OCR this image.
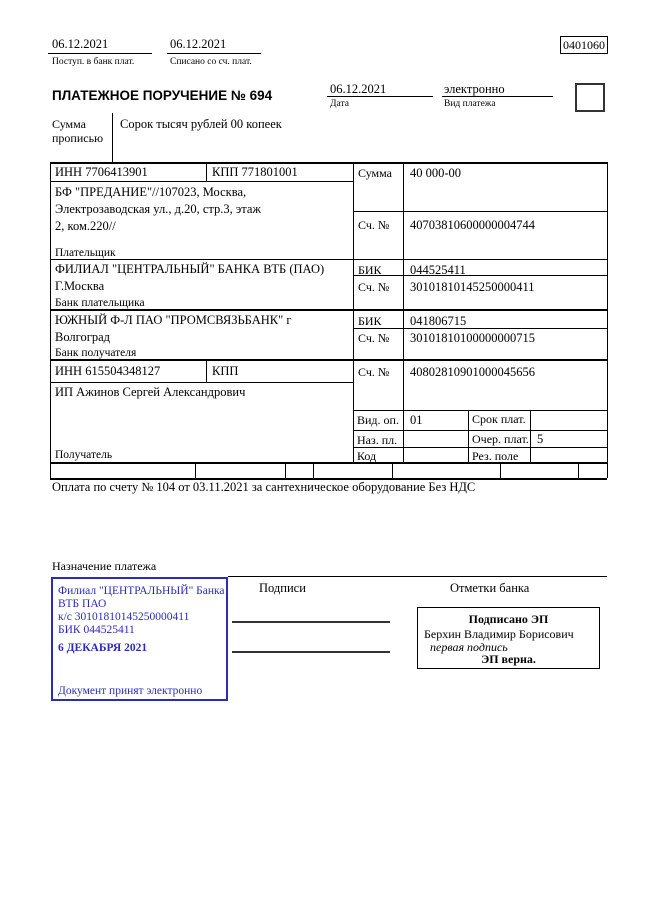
06.12.2021
Поступ. в банк плат.
06.12.2021
Списано со сч. плат.
0401060
ПЛАТЕЖНОЕ ПОРУЧЕНИЕ № 694	06.12.2021
Дата
электронно
Вид платежа
Сумма
прописью
Сорок тысяч рублей 00 копеек
ИНН 7706413901	КПП 771801001	Сумма 40 000-00
БФ "ПРЕДАНИЕ"//107023, Москва,
Электрозаводская ул., д.20, стр.3, этаж
2, ком.220//	Сч. № 40703810600000004744
Плательщик
ФИЛИАЛ "ЦЕНТРАЛЬНЫЙ" БАНКА ВТБ (ПАО)
Г.Москва
БИК 044525411
Сч. № 30101810145250000411
Банк плательщика
ЮЖНЫЙ Ф-Л ПАО "ПРОМСВЯЗЬБАНК" г
Волгоград
БИК 041806715
Сч. № 30101810100000000715
Банк получателя
ИНН 615504348127	КПП	Сч. № 40802810901000045656
ИП Ажинов Сергей Александрович
Получатель
Вид. оп. 01	Срок плат.
Наз. пл.	Очер. плат. 5
Код	Рез. поле
Оплата по счету № 104 от 03.11.2021 за сантехническое оборудование Без НДС
Назначение платежа
Подписи	Отметки банка
Филиал "ЦЕНТРАЛЬНЫЙ" Банка
ВТБ ПАО
к/с 30101810145250000411
БИК 044525411
6 ДЕКАБРЯ 2021
Документ принят электронно
Подписано ЭП
Берхин Владимир Борисович
первая подпись
ЭП верна.
